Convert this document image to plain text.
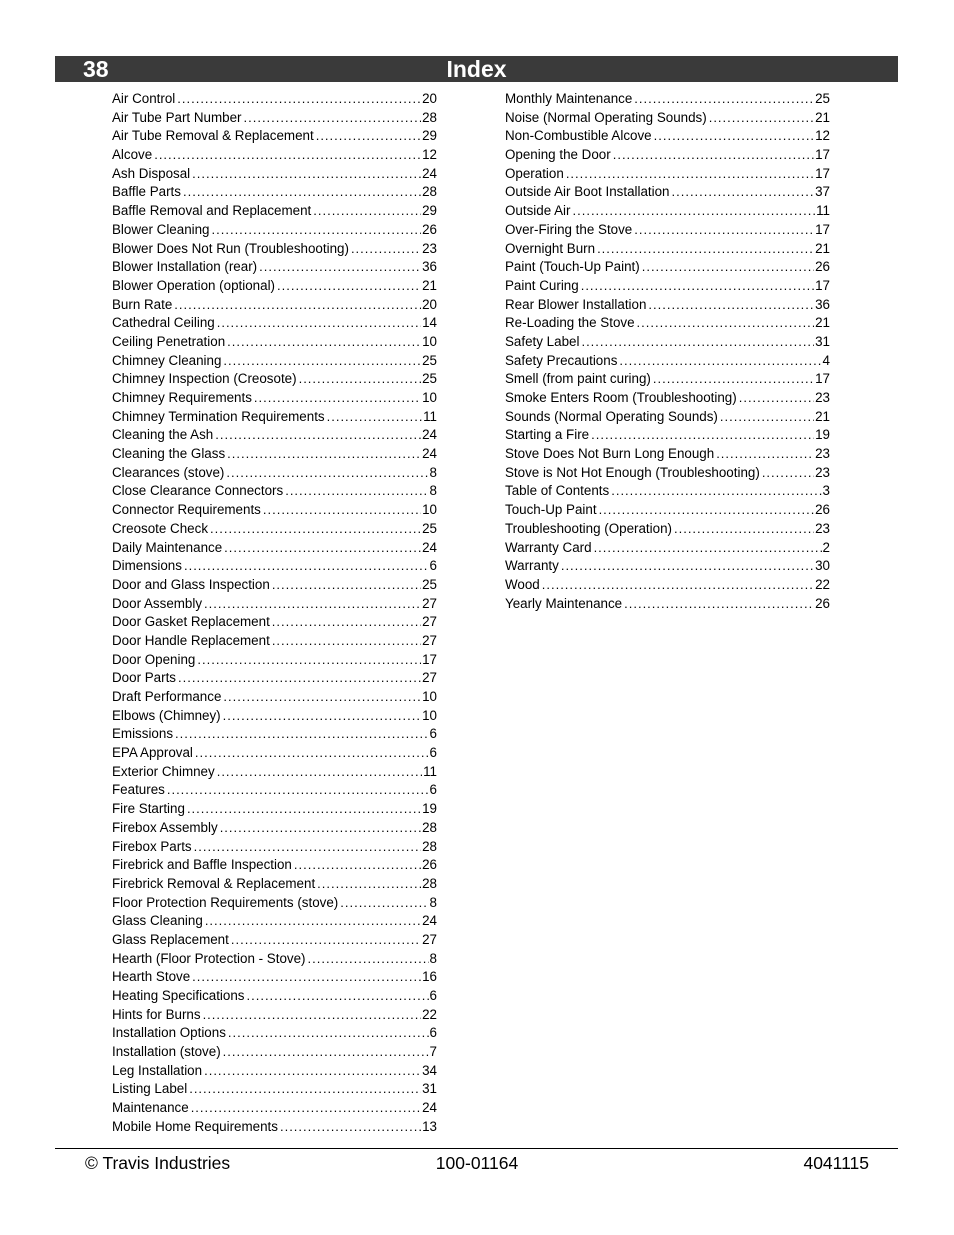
38	Index
Air Control .....	20
Air Tube Part Number .....	28
Air Tube Removal & Replacement .....	29
Alcove .....	12
Ash Disposal .....	24
Baffle Parts .....	28
Baffle Removal and Replacement .....	29
Blower Cleaning .....	26
Blower Does Not Run (Troubleshooting) .....	23
Blower Installation (rear) .....	36
Blower Operation (optional) .....	21
Burn Rate .....	20
Cathedral Ceiling .....	14
Ceiling Penetration .....	10
Chimney Cleaning .....	25
Chimney Inspection (Creosote) .....	25
Chimney Requirements .....	10
Chimney Termination Requirements .....	11
Cleaning the Ash .....	24
Cleaning the Glass .....	24
Clearances (stove) .....	8
Close Clearance Connectors .....	8
Connector Requirements .....	10
Creosote Check .....	25
Daily Maintenance .....	24
Dimensions .....	6
Door and Glass Inspection .....	25
Door Assembly .....	27
Door Gasket Replacement .....	27
Door Handle Replacement .....	27
Door Opening .....	17
Door Parts .....	27
Draft Performance .....	10
Elbows (Chimney) .....	10
Emissions .....	6
EPA Approval .....	6
Exterior Chimney .....	11
Features .....	6
Fire Starting .....	19
Firebox Assembly .....	28
Firebox Parts .....	28
Firebrick and Baffle Inspection .....	26
Firebrick Removal & Replacement .....	28
Floor Protection Requirements (stove) .....	8
Glass Cleaning .....	24
Glass Replacement .....	27
Hearth (Floor Protection - Stove) .....	8
Hearth Stove .....	16
Heating Specifications .....	6
Hints for Burns .....	22
Installation Options .....	6
Installation (stove) .....	7
Leg Installation .....	34
Listing Label .....	31
Maintenance .....	24
Mobile Home Requirements .....	13
Monthly Maintenance .....	25
Noise (Normal Operating Sounds) .....	21
Non-Combustible Alcove .....	12
Opening the Door .....	17
Operation .....	17
Outside Air Boot Installation .....	37
Outside Air .....	11
Over-Firing the Stove .....	17
Overnight Burn .....	21
Paint (Touch-Up Paint) .....	26
Paint Curing .....	17
Rear Blower Installation .....	36
Re-Loading the Stove .....	21
Safety Label .....	31
Safety Precautions .....	4
Smell (from paint curing) .....	17
Smoke Enters Room (Troubleshooting) .....	23
Sounds (Normal Operating Sounds) .....	21
Starting a Fire .....	19
Stove Does Not Burn Long Enough .....	23
Stove is Not Hot Enough (Troubleshooting) .....	23
Table of Contents .....	3
Touch-Up Paint .....	26
Troubleshooting (Operation) .....	23
Warranty Card .....	2
Warranty .....	30
Wood .....	22
Yearly Maintenance .....	26
© Travis Industries	100-01164	4041115
